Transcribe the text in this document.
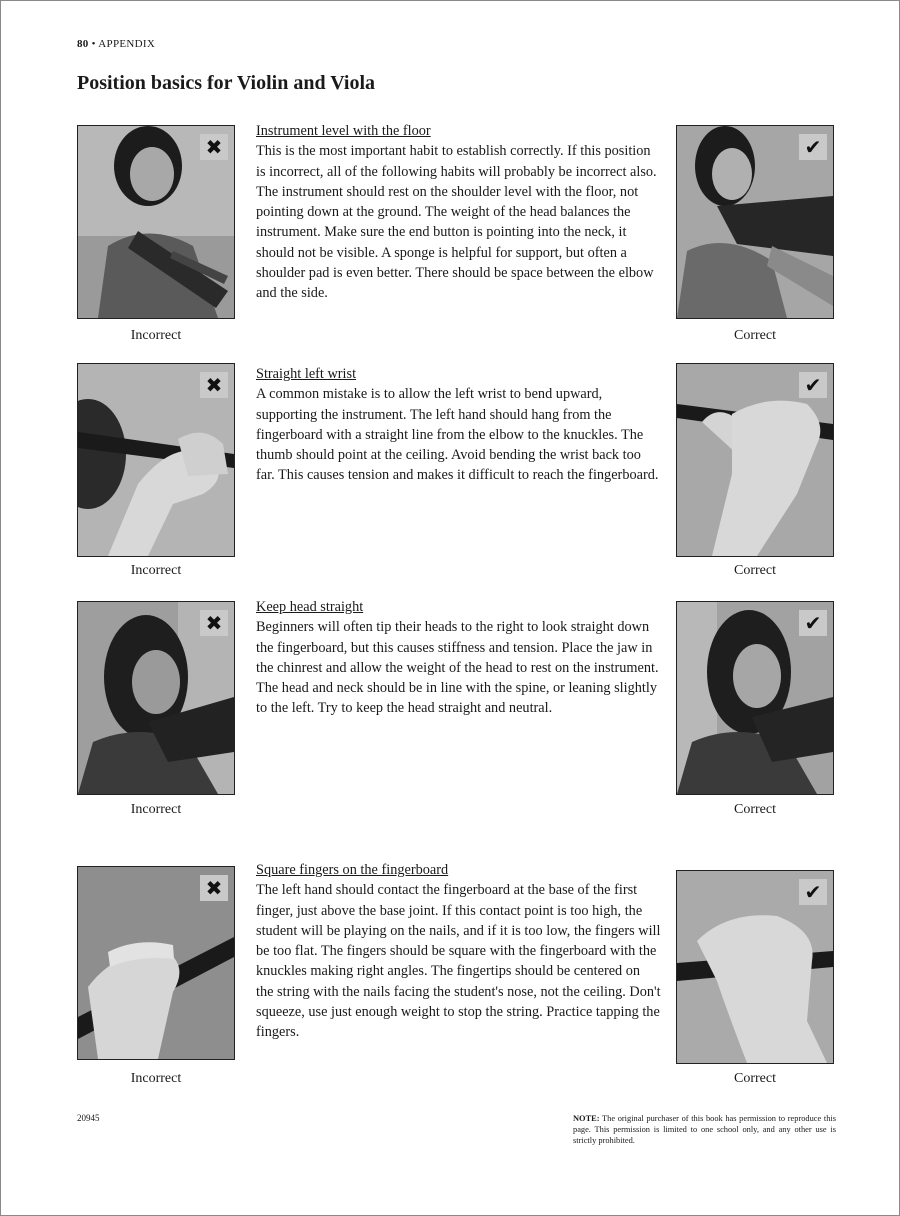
80 • APPENDIX
Position basics for Violin and Viola
✖
Incorrect
Instrument level with the floor
This is the most important habit to establish correctly. If this position is incorrect, all of the following habits will probably be incorrect also. The instrument should rest on the shoulder level with the floor, not pointing down at the ground. The weight of the head balances the instrument. Make sure the end button is pointing into the neck, it should not be visible. A sponge is helpful for support, but often a shoulder pad is even better. There should be space between the elbow and the side.
✔
Correct
✖
Incorrect
Straight left wrist
A common mistake is to allow the left wrist to bend upward, supporting the instrument. The left hand should hang from the fingerboard with a straight line from the elbow to the knuckles. The thumb should point at the ceiling. Avoid bending the wrist back too far. This causes tension and makes it difficult to reach the fingerboard.
✔
Correct
✖
Incorrect
Keep head straight
Beginners will often tip their heads to the right to look straight down the fingerboard, but this causes stiffness and tension. Place the jaw in the chinrest and allow the weight of the head to rest on the instrument. The head and neck should be in line with the spine, or leaning slightly to the left. Try to keep the head straight and neutral.
✔
Correct
✖
Incorrect
Square fingers on the fingerboard
The left hand should contact the fingerboard at the base of the first finger, just above the base joint. If this contact point is too high, the student will be playing on the nails, and if it is too low, the fingers will be too flat. The fingers should be square with the fingerboard with the knuckles making right angles. The fingertips should be centered on the string with the nails facing the student's nose, not the ceiling. Don't squeeze, use just enough weight to stop the string. Practice tapping the fingers.
✔
Correct
20945	NOTE: The original purchaser of this book has permission to reproduce this page. This permission is limited to one school only, and any other use is strictly prohibited.
